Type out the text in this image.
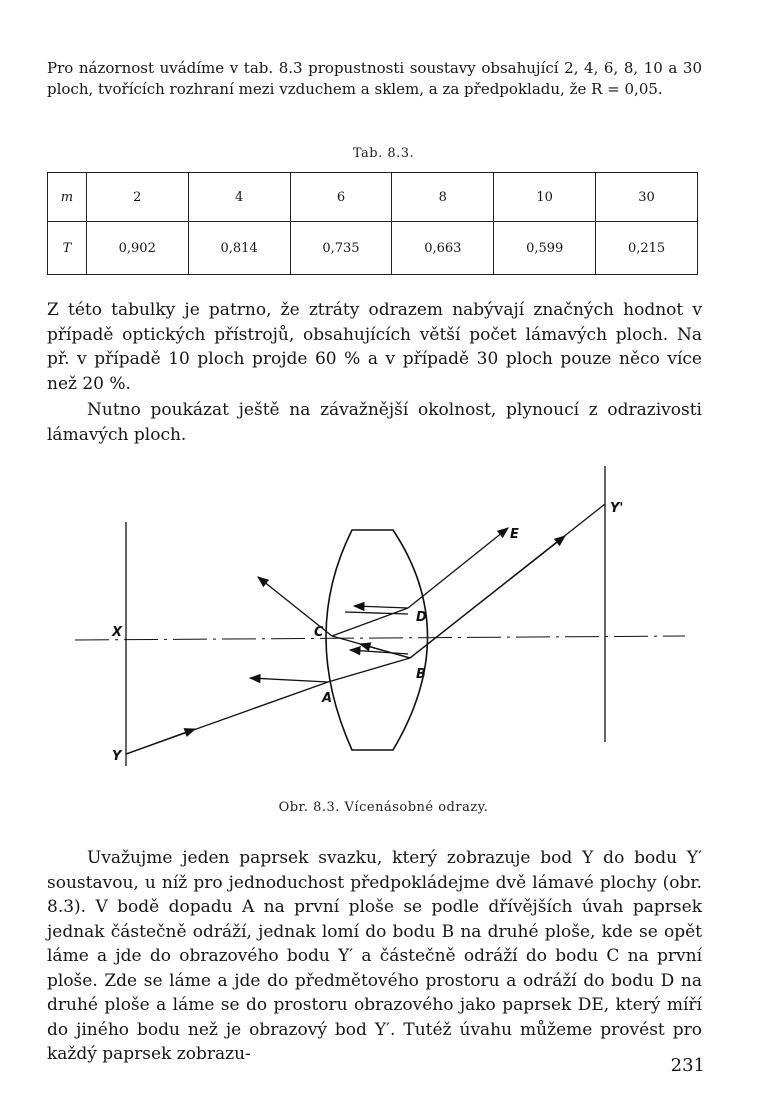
Pro názornost uvádíme v tab. 8.3 propustnosti soustavy obsahující 2, 4, 6, 8, 10 a 30 ploch, tvořících rozhraní mezi vzduchem a sklem, a za předpokladu, že R = 0,05.

Tab. 8.3.
m	2	4	6	8	10	30
T	0,902	0,814	0,735	0,663	0,599	0,215

Z této tabulky je patrno, že ztráty odrazem nabývají značných hodnot v případě optických přístrojů, obsahujících větší počet lámavých ploch. Na př. v případě 10 ploch projde 60 % a v případě 30 ploch pouze něco více než 20 %.

Nutno poukázat ještě na závažnější okolnost, plynoucí z odrazivosti lámavých ploch.

X
Y
Y'
A
B
C
D
E
Obr. 8.3. Vícenásobné odrazy.

Uvažujme jeden paprsek svazku, který zobrazuje bod Y do bodu Y′ soustavou, u níž pro jednoduchost předpokládejme dvě lámavé plochy (obr. 8.3). V bodě dopadu A na první ploše se podle dřívějších úvah paprsek jednak částečně odráží, jednak lomí do bodu B na druhé ploše, kde se opět láme a jde do obrazového bodu Y′ a částečně odráží do bodu C na první ploše. Zde se láme a jde do předmětového prostoru a odráží do bodu D na druhé ploše a láme se do prostoru obrazového jako paprsek DE, který míří do jiného bodu než je obrazový bod Y′. Tutéž úvahu můžeme provést pro každý paprsek zobrazu-

231
